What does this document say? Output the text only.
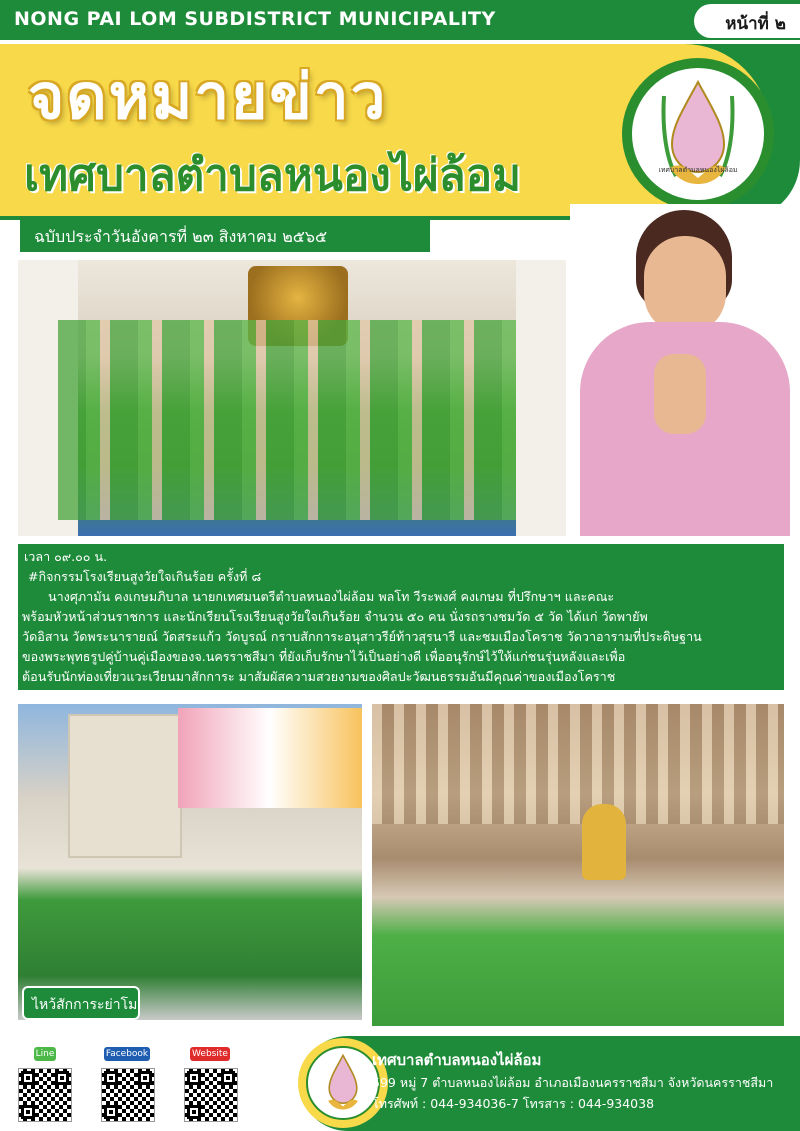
NONG PAI LOM SUBDISTRICT MUNICIPALITY	หน้าที่ ๒
จดหมายข่าว
เทศบาลตำบลหนองไผ่ล้อม	เทศบาลตำบลหนองไผ่ล้อม
ฉบับประจำวันอังคารที่ ๒๓ สิงหาคม ๒๕๖๕

เวลา ๐๙.๐๐ น.

#กิจกรรมโรงเรียนสูงวัยใจเกินร้อย ครั้งที่ ๘

นางศุภามัน คงเกษมภิบาล นายกเทศมนตรีตำบลหนองไผ่ล้อม พลโท วีระพงศ์ คงเกษม ที่ปรึกษาฯ และคณะ

พร้อมหัวหน้าส่วนราชการ และนักเรียนโรงเรียนสูงวัยใจเกินร้อย จำนวน ๕๐ คน นั่งรถรางชมวัด ๕ วัด ได้แก่ วัดพายัพ

วัดอิสาน วัดพระนารายณ์ วัดสระแก้ว วัดบูรณ์ กราบสักการะอนุสาวรีย์ท้าวสุรนารี และชมเมืองโคราช วัดวาอารามที่ประดิษฐาน

ของพระพุทธรูปคู่บ้านคู่เมืองของจ.นครราชสีมา ที่ยังเก็บรักษาไว้เป็นอย่างดี เพื่ออนุรักษ์ไว้ให้แก่ชนรุ่นหลังและเพื่อ

ต้อนรับนักท่องเที่ยวแวะเวียนมาสักการะ มาสัมผัสความสวยงามของศิลปะวัฒนธรรมอันมีคุณค่าของเมืองโคราช

ไหว้สักการะย่าโม
Line	Facebook	Website	เทศบาลตำบลหนองไผ่ล้อม
599 หมู่ 7 ตำบลหนองไผ่ล้อม อำเภอเมืองนครราชสีมา จังหวัดนครราชสีมา
โทรศัพท์ : 044-934036-7 โทรสาร : 044-934038
